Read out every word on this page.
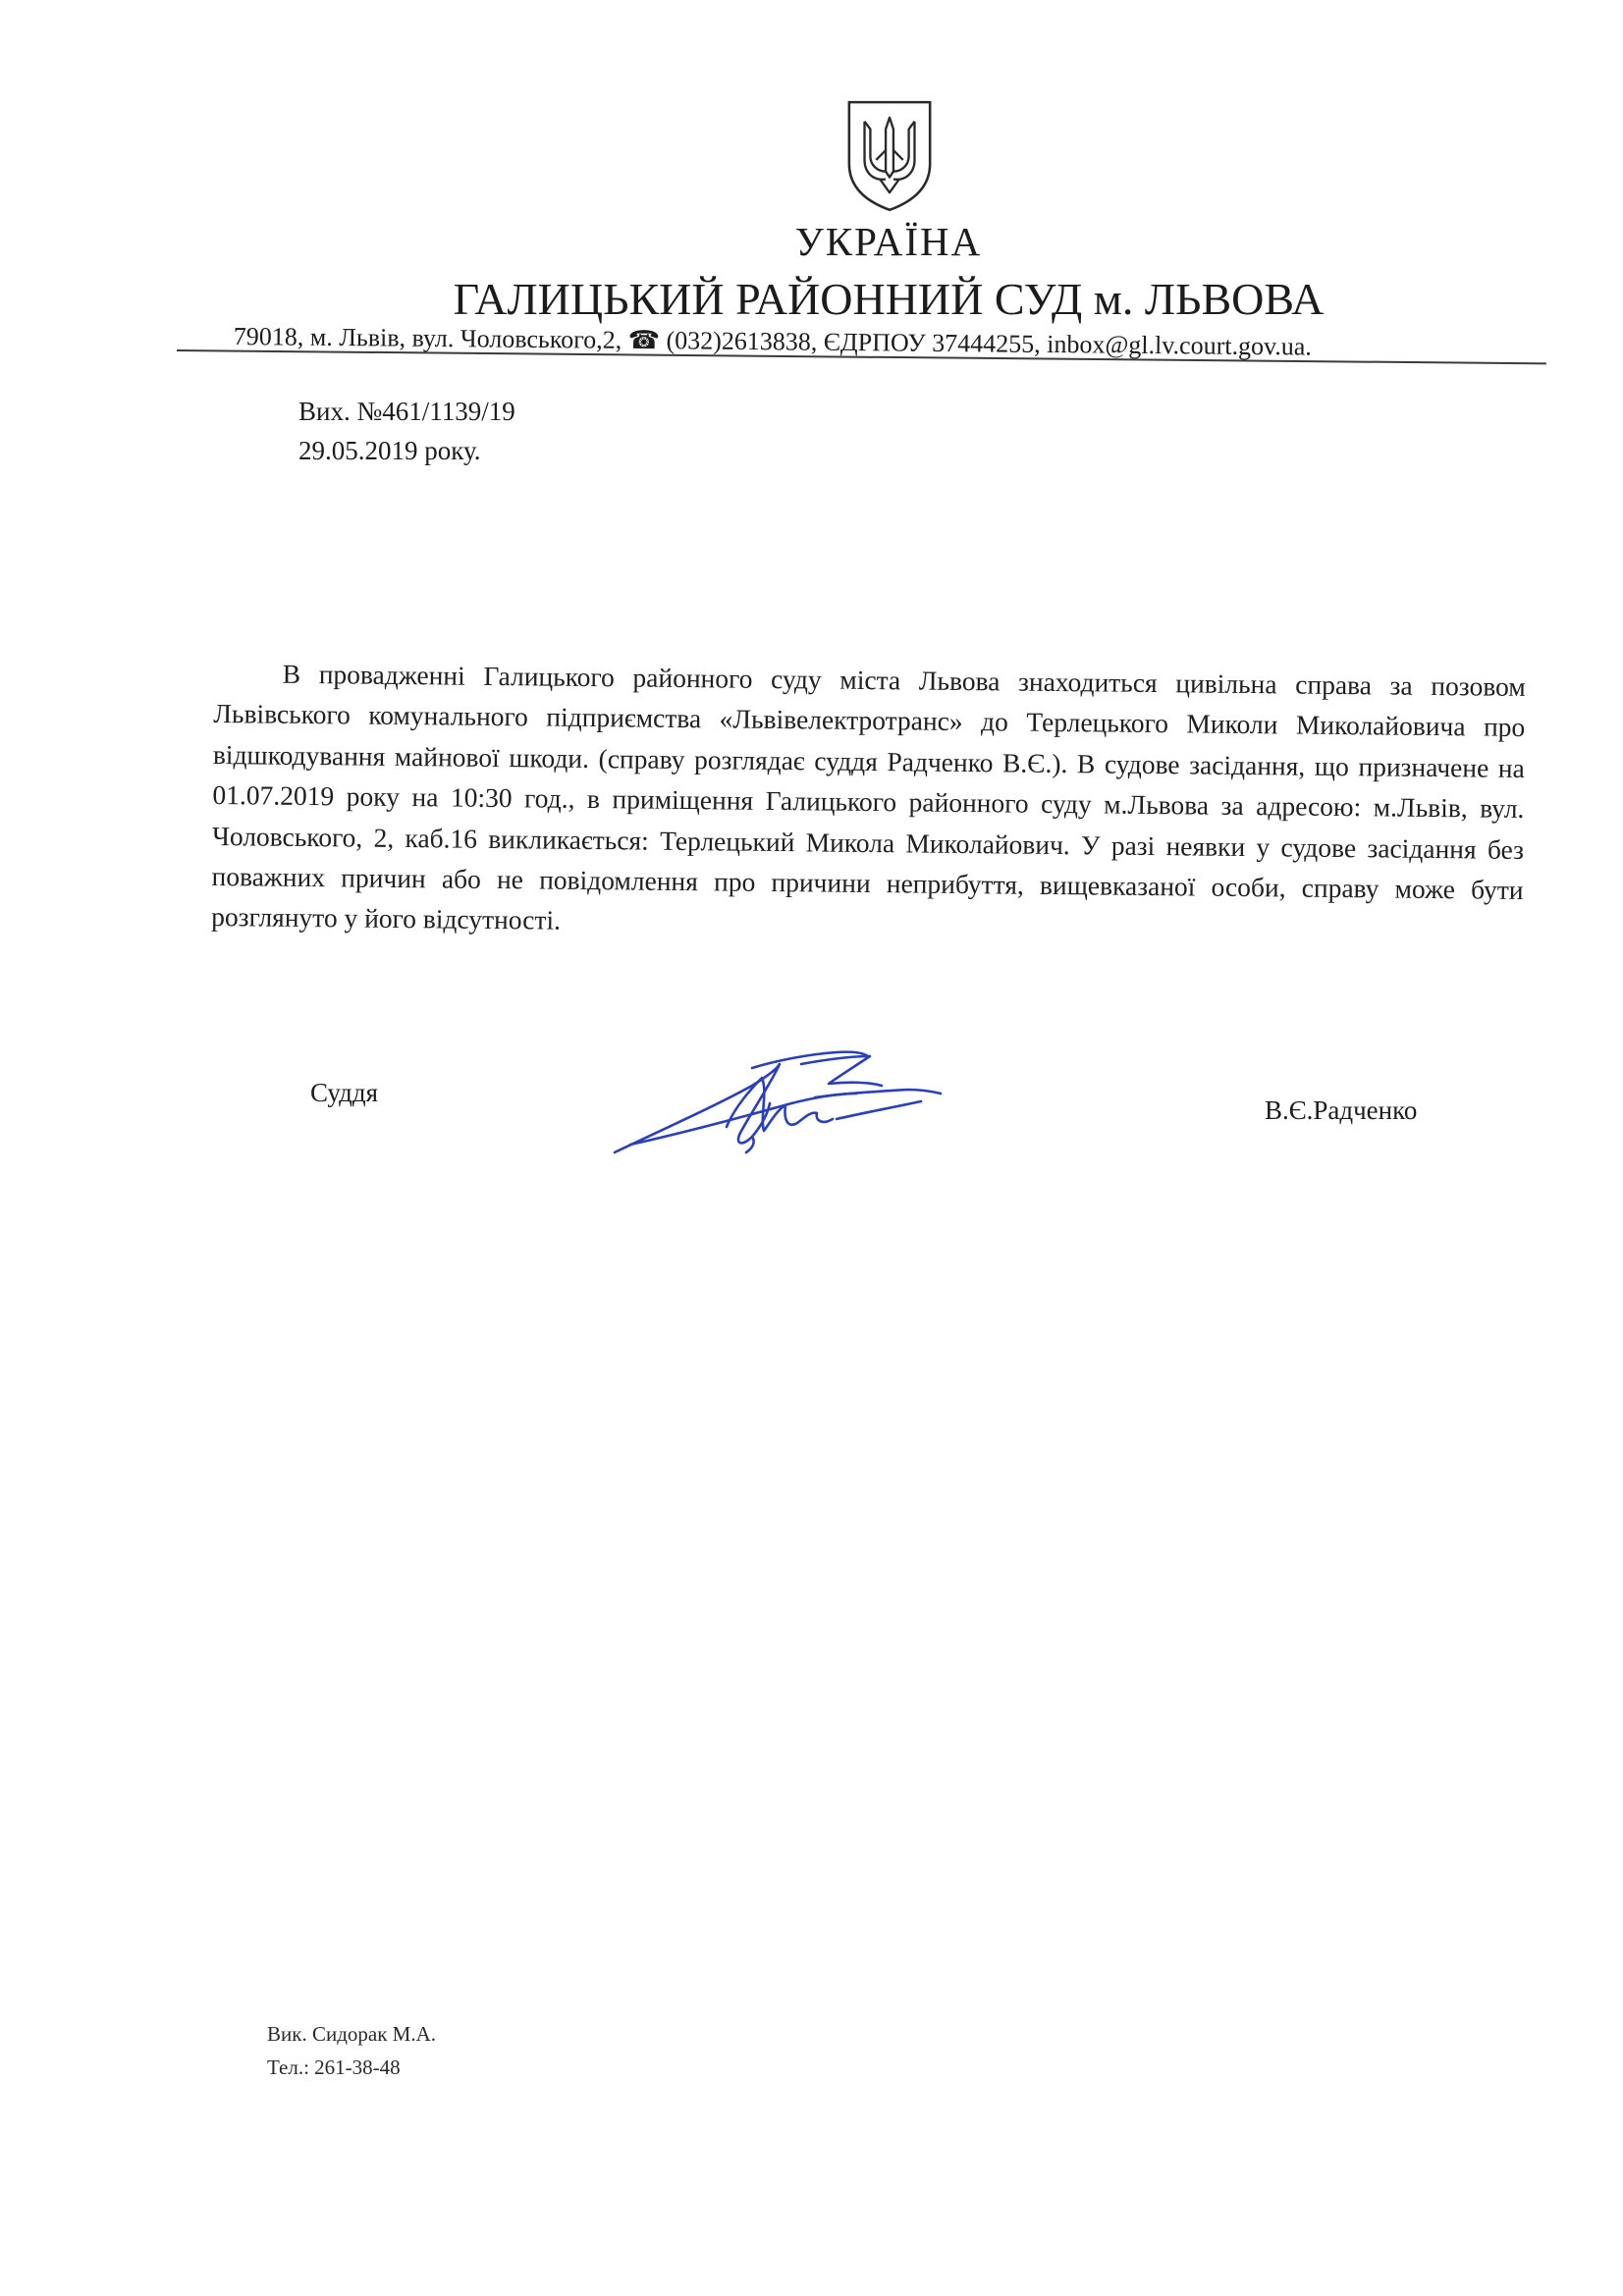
УКРАЇНА
ГАЛИЦЬКИЙ РАЙОННИЙ СУД м. ЛЬВОВА
79018, м. Львів, вул. Чоловського,2, ☎ (032)2613838, ЄДРПОУ 37444255, inbox@gl.lv.court.gov.ua.
Вих. №461/1139/19
29.05.2019 року.

В провадженні Галицького районного суду міста Львова знаходиться цивільна справа за позовом Львівського комунального підприємства «Львівелектротранс» до Терлецького Миколи Миколайовича про відшкодування майнової шкоди. (справу розглядає суддя Радченко В.Є.). В судове засідання, що призначене на 01.07.2019 року на 10:30 год., в приміщення Галицького районного суду м.Львова за адресою: м.Львів, вул. Чоловського, 2, каб.16 викликається: Терлецький Микола Миколайович. У разі неявки у судове засідання без поважних причин або не повідомлення про причини неприбуття, вищевказаної особи, справу може бути розглянуто у його відсутності.

Суддя
В.Є.Радченко
Вик. Сидорак М.А.
Тел.: 261-38-48
